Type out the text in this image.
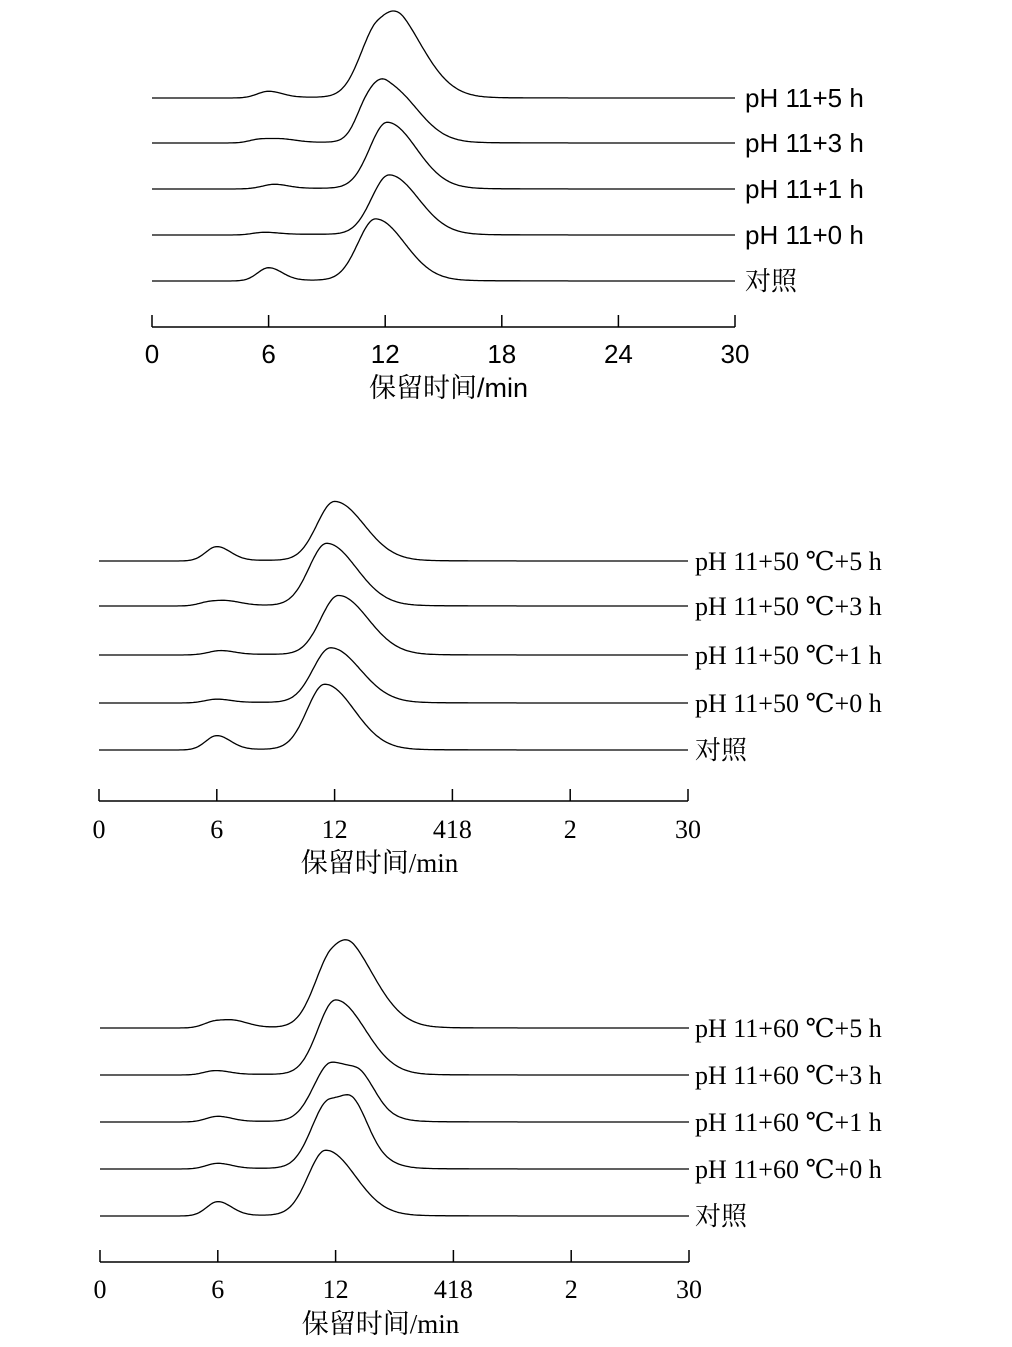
pH 11+5 h
pH 11+3 h
pH 11+1 h
pH 11+0 h
对照
0	6	12	18	24	30
保留时间/min
pH 11+50 ℃+5 h
pH 11+50 ℃+3 h
pH 11+50 ℃+1 h
pH 11+50 ℃+0 h
对照
0	6	12	418	2	30
保留时间/min
pH 11+60 ℃+5 h
pH 11+60 ℃+3 h
pH 11+60 ℃+1 h
pH 11+60 ℃+0 h
对照
0	6	12	418	2	30
保留时间/min
